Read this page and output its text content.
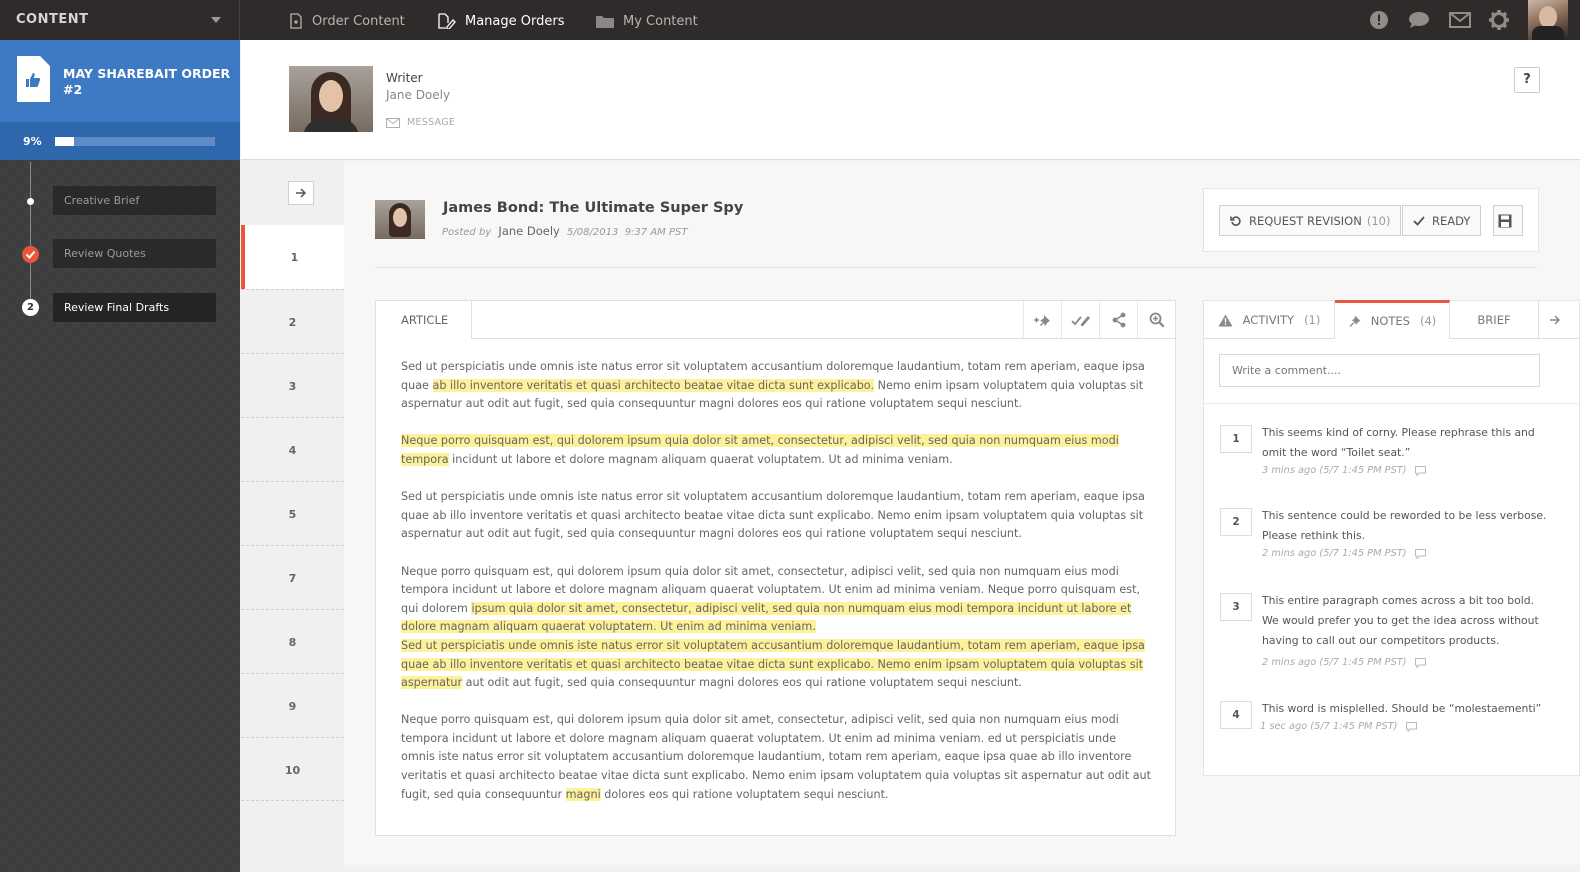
CONTENT	Order Content	Manage Orders	My Content
MAY SHAREBAIT ORDER #2
9%
Creative Brief
Review Quotes
2	Review Final Drafts
Writer
Jane Doely
MESSAGE
?
1
2
3
4
5
7
8
9
10
James Bond: The Ultimate Super Spy
Posted by Jane Doely 5/08/2013 9:37 AM PST
REQUEST REVISION (10)	READY
ARTICLE

Sed ut perspiciatis unde omnis iste natus error sit voluptatem accusantium doloremque laudantium, totam rem aperiam, eaque ipsa quae ab illo inventore veritatis et quasi architecto beatae vitae dicta sunt explicabo. Nemo enim ipsam voluptatem quia voluptas sit aspernatur aut odit aut fugit, sed quia consequuntur magni dolores eos qui ratione voluptatem sequi nesciunt.

Neque porro quisquam est, qui dolorem ipsum quia dolor sit amet, consectetur, adipisci velit, sed quia non numquam eius modi tempora incidunt ut labore et dolore magnam aliquam quaerat voluptatem. Ut ad minima veniam.

Sed ut perspiciatis unde omnis iste natus error sit voluptatem accusantium doloremque laudantium, totam rem aperiam, eaque ipsa quae ab illo inventore veritatis et quasi architecto beatae vitae dicta sunt explicabo. Nemo enim ipsam voluptatem quia voluptas sit aspernatur aut odit aut fugit, sed quia consequuntur magni dolores eos qui ratione voluptatem sequi nesciunt.

Neque porro quisquam est, qui dolorem ipsum quia dolor sit amet, consectetur, adipisci velit, sed quia non numquam eius modi tempora incidunt ut labore et dolore magnam aliquam quaerat voluptatem. Ut enim ad minima veniam. Neque porro quisquam est, qui dolorem ipsum quia dolor sit amet, consectetur, adipisci velit, sed quia non numquam eius modi tempora incidunt ut labore et dolore magnam aliquam quaerat voluptatem. Ut enim ad minima veniam.
Sed ut perspiciatis unde omnis iste natus error sit voluptatem accusantium doloremque laudantium, totam rem aperiam, eaque ipsa quae ab illo inventore veritatis et quasi architecto beatae vitae dicta sunt explicabo. Nemo enim ipsam voluptatem quia voluptas sit aspernatur aut odit aut fugit, sed quia consequuntur magni dolores eos qui ratione voluptatem sequi nesciunt.

Neque porro quisquam est, qui dolorem ipsum quia dolor sit amet, consectetur, adipisci velit, sed quia non numquam eius modi tempora incidunt ut labore et dolore magnam aliquam quaerat voluptatem. Ut enim ad minima veniam. ed ut perspiciatis unde omnis iste natus error sit voluptatem accusantium doloremque laudantium, totam rem aperiam, eaque ipsa quae ab illo inventore veritatis et quasi architecto beatae vitae dicta sunt explicabo. Nemo enim ipsam voluptatem quia voluptas sit aspernatur aut odit aut fugit, sed quia consequuntur magni dolores eos qui ratione voluptatem sequi nesciunt.

ACTIVITY (1)	NOTES (4)	BRIEF
Write a comment....
1	This seems kind of corny. Please rephrase this and omit the word “Toilet seat.”
3 mins ago (5/7 1:45 PM PST)
2	This sentence could be reworded to be less verbose. Please rethink this.
2 mins ago (5/7 1:45 PM PST)
3	This entire paragraph comes across a bit too bold. We would prefer you to get the idea across without having to call out our competitors products.
2 mins ago (5/7 1:45 PM PST)
4	This word is misplelled. Should be “molestaementi”
1 sec ago (5/7 1:45 PM PST)
